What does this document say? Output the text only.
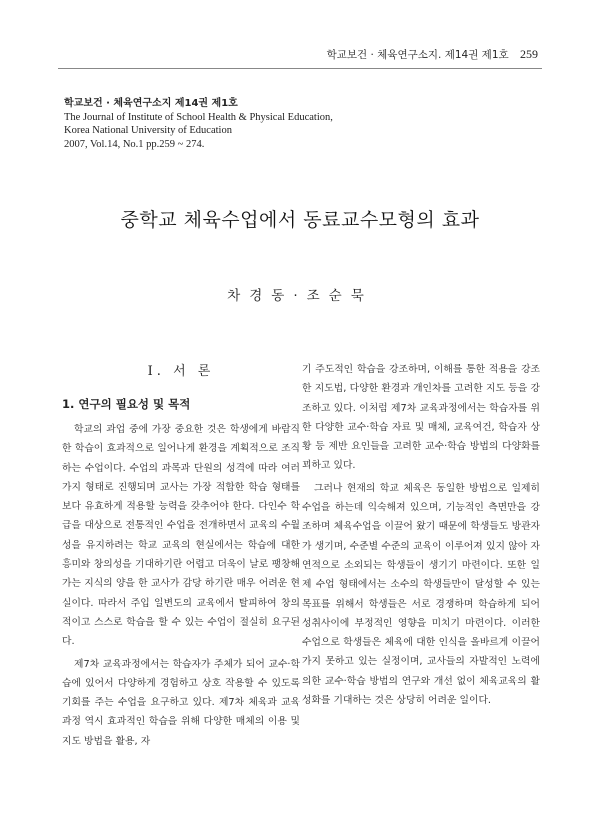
학교보건 · 체육연구소지. 제14권 제1호 259
학교보건 · 체육연구소지 제14권 제1호
The Journal of Institute of School Health & Physical Education,
Korea National University of Education
2007, Vol.14, No.1 pp.259 ~ 274.
중학교 체육수업에서 동료교수모형의 효과
차경동·조순묵
I. 서 론
1. 연구의 필요성 및 목적

학교의 과업 중에 가장 중요한 것은 학생에게 바람직한 학습이 효과적으로 일어나게 환경을 계획적으로 조직하는 수업이다. 수업의 과목과 단원의 성격에 따라 여러 가지 형태로 진행되며 교사는 가장 적합한 학습 형태를 보다 유효하게 적용할 능력을 갖추어야 한다. 다인수 학급을 대상으로 전통적인 수업을 전개하면서 교육의 수월성을 유지하려는 학교 교육의 현실에서는 학습에 대한 흥미와 창의성을 기대하기란 어렵고 더욱이 날로 팽창해 가는 지식의 양을 한 교사가 감당 하기란 매우 어려운 현실이다. 따라서 주입 일변도의 교육에서 탈피하여 창의적이고 스스로 학습을 할 수 있는 수업이 절실히 요구된다.

제7차 교육과정에서는 학습자가 주체가 되어 교수·학습에 있어서 다양하게 경험하고 상호 작용할 수 있도록 기회를 주는 수업을 요구하고 있다. 제7차 체육과 교육과정 역시 효과적인 학습을 위해 다양한 매체의 이용 및 지도 방법을 활용, 자

기 주도적인 학습을 강조하며, 이해를 통한 적용을 강조한 지도법, 다양한 환경과 개인차를 고려한 지도 등을 강조하고 있다. 이처럼 제7차 교육과정에서는 학습자를 위한 다양한 교수·학습 자료 및 매체, 교육여건, 학습자 상황 등 제반 요인들을 고려한 교수·학습 방법의 다양화를 꾀하고 있다.

그러나 현재의 학교 체육은 동일한 방법으로 일제히 수업을 하는데 익숙해져 있으며, 기능적인 측면만을 강조하며 체육수업을 이끌어 왔기 때문에 학생들도 방관자가 생기며, 수준별 수준의 교육이 이루어져 있지 않아 자연적으로 소외되는 학생들이 생기기 마련이다. 또한 일제 수업 형태에서는 소수의 학생들만이 달성할 수 있는 목표를 위해서 학생들은 서로 경쟁하며 학습하게 되어 성취사이에 부정적인 영향을 미치기 마련이다. 이러한 수업으로 학생들은 체육에 대한 인식을 올바르게 이끌어가지 못하고 있는 실정이며, 교사들의 자발적인 노력에 의한 교수·학습 방법의 연구와 개선 없이 체육교육의 활성화를 기대하는 것은 상당히 어려운 일이다.
